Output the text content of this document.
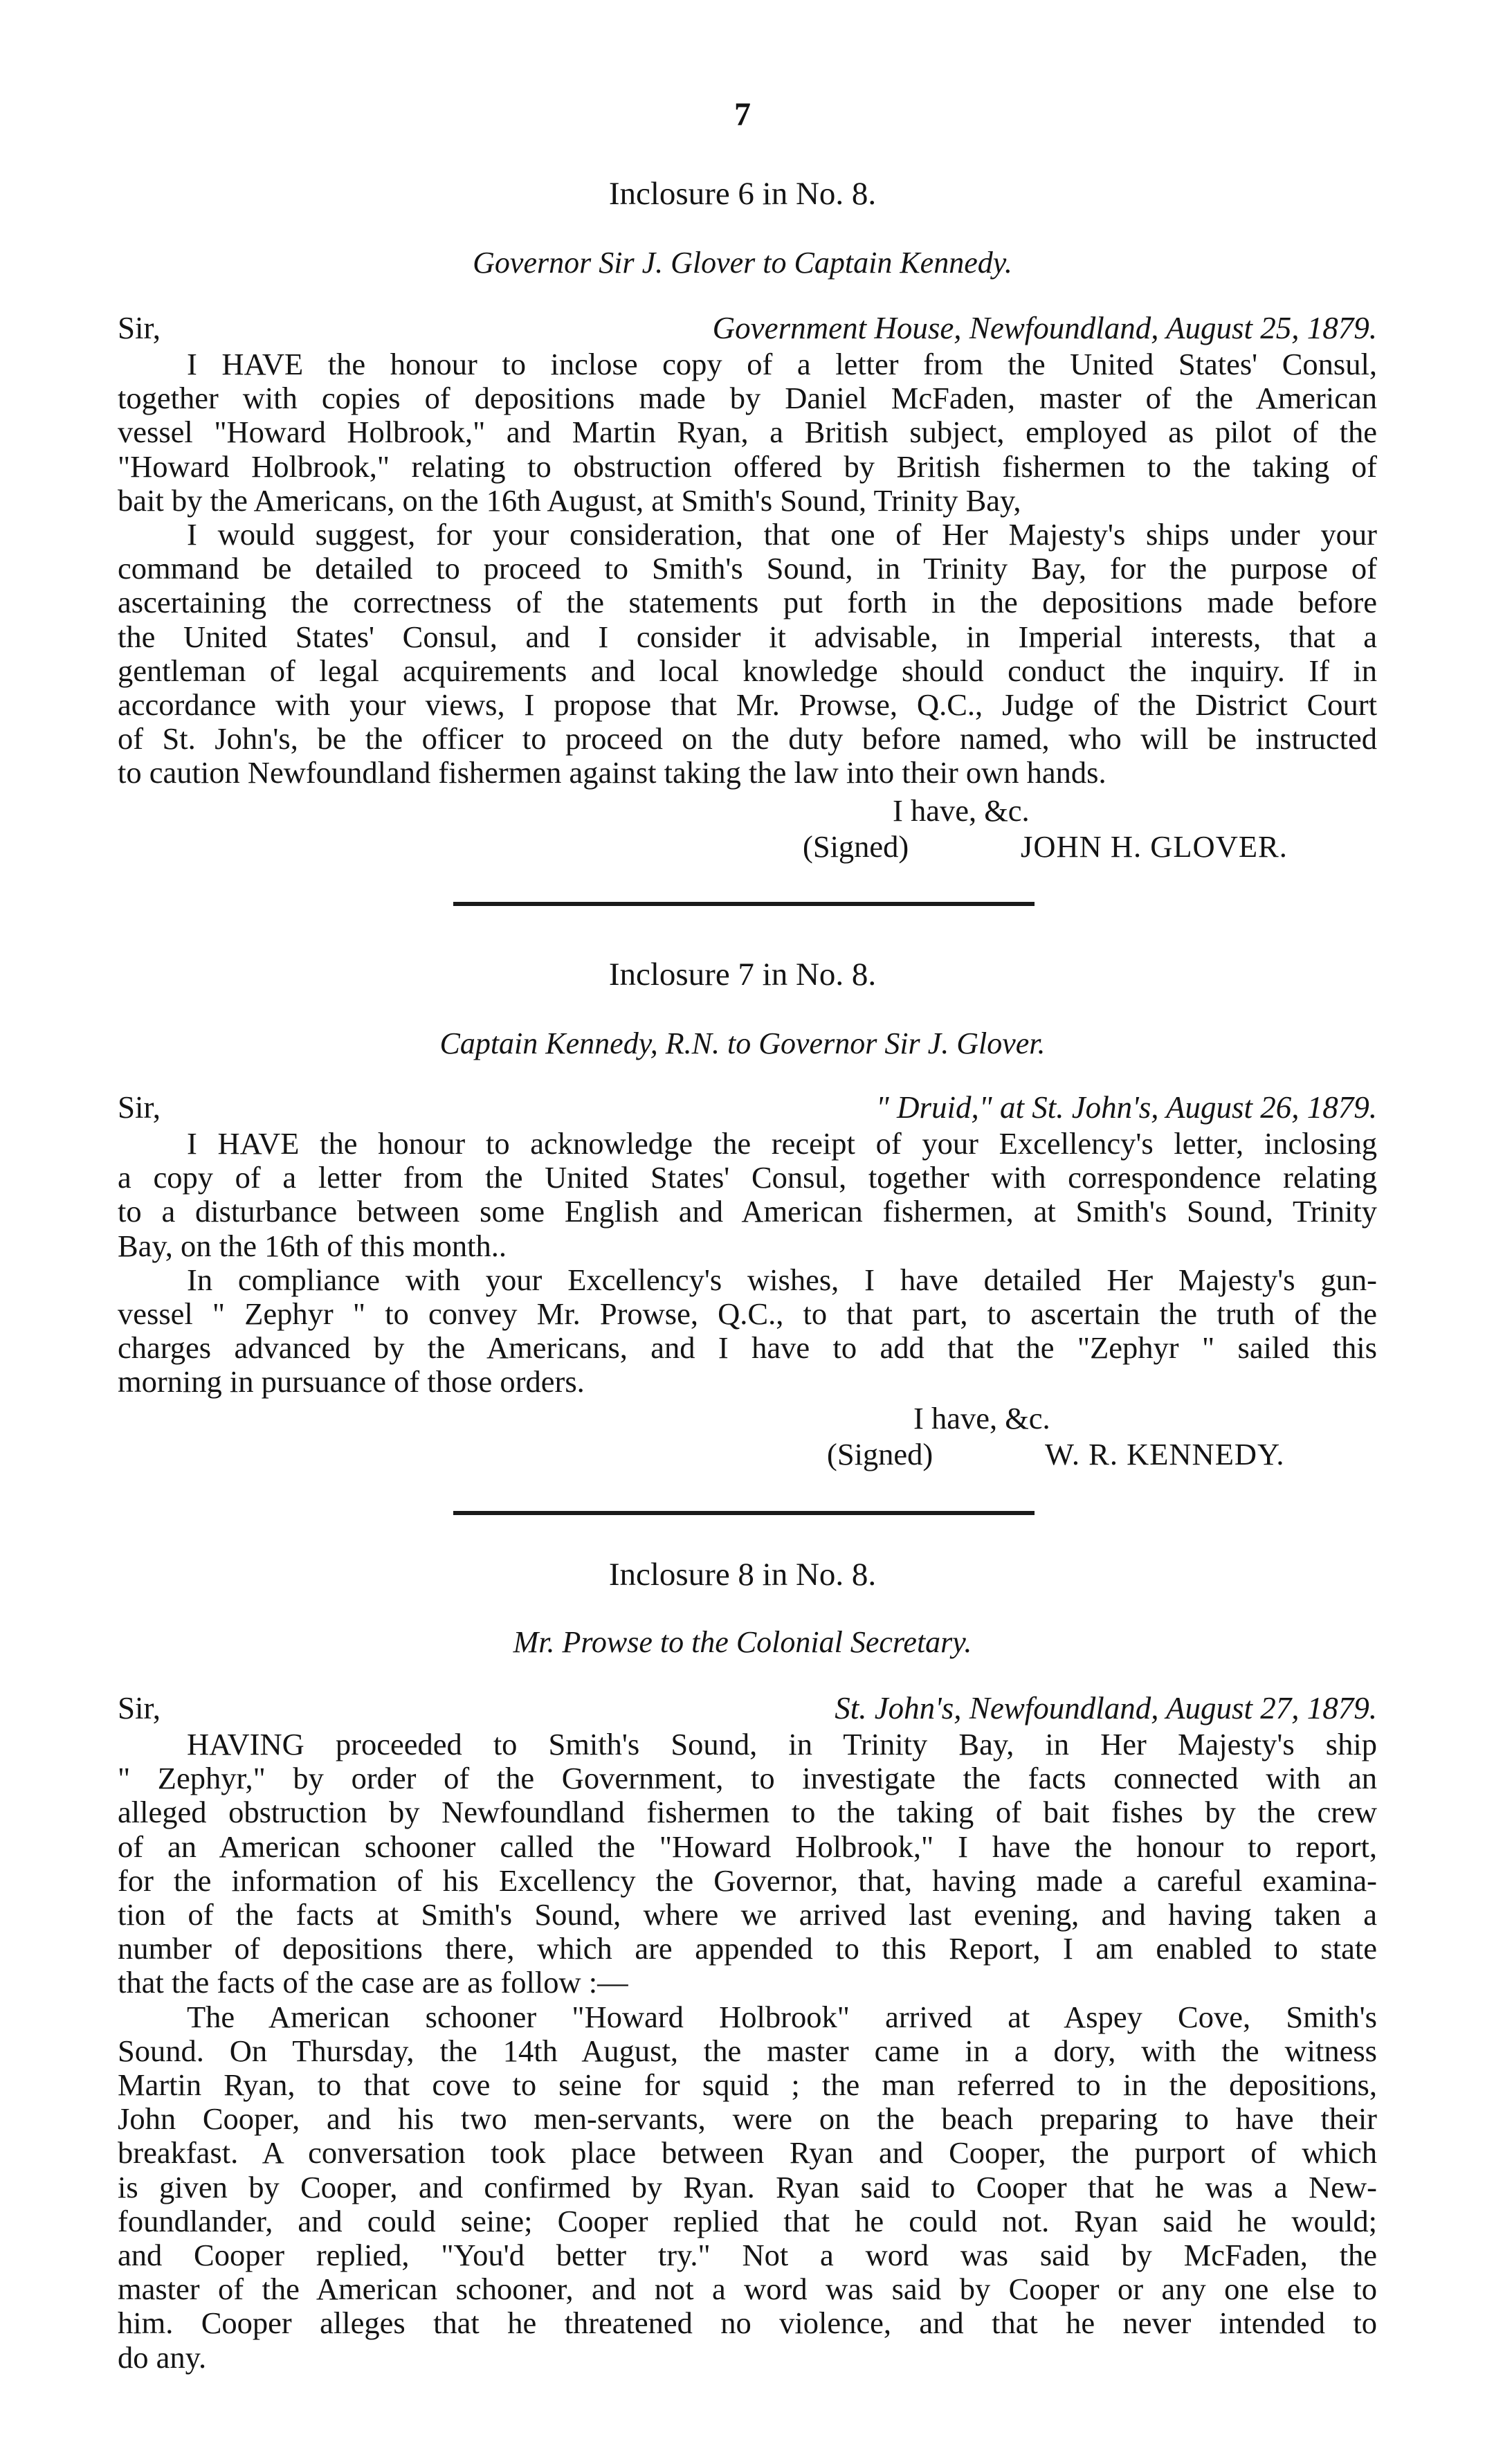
7
Inclosure 6 in No. 8.
Governor Sir J. Glover to Captain Kennedy.
Sir,	Government House, Newfoundland, August 25, 1879.
I HAVE the honour to inclose copy of a letter from the United States' Consul,
together with copies of depositions made by Daniel McFaden, master of the American
vessel "Howard Holbrook," and Martin Ryan, a British subject, employed as pilot of the
"Howard Holbrook," relating to obstruction offered by British fishermen to the taking of
bait by the Americans, on the 16th August, at Smith's Sound, Trinity Bay,
I would suggest, for your consideration, that one of Her Majesty's ships under your
command be detailed to proceed to Smith's Sound, in Trinity Bay, for the purpose of
ascertaining the correctness of the statements put forth in the depositions made before
the United States' Consul, and I consider it advisable, in Imperial interests, that a
gentleman of legal acquirements and local knowledge should conduct the inquiry. If in
accordance with your views, I propose that Mr. Prowse, Q.C., Judge of the District Court
of St. John's, be the officer to proceed on the duty before named, who will be instructed
to caution Newfoundland fishermen against taking the law into their own hands.
I have, &c.
(Signed)	JOHN H. GLOVER.
Inclosure 7 in No. 8.
Captain Kennedy, R.N. to Governor Sir J. Glover.
Sir,	" Druid," at St. John's, August 26, 1879.
I HAVE the honour to acknowledge the receipt of your Excellency's letter, inclosing
a copy of a letter from the United States' Consul, together with correspondence relating
to a disturbance between some English and American fishermen, at Smith's Sound, Trinity
Bay, on the 16th of this month..
In compliance with your Excellency's wishes, I have detailed Her Majesty's gun-
vessel " Zephyr " to convey Mr. Prowse, Q.C., to that part, to ascertain the truth of the
charges advanced by the Americans, and I have to add that the "Zephyr " sailed this
morning in pursuance of those orders.
I have, &c.
(Signed)	W. R. KENNEDY.
Inclosure 8 in No. 8.
Mr. Prowse to the Colonial Secretary.
Sir,	St. John's, Newfoundland, August 27, 1879.
HAVING proceeded to Smith's Sound, in Trinity Bay, in Her Majesty's ship
" Zephyr," by order of the Government, to investigate the facts connected with an
alleged obstruction by Newfoundland fishermen to the taking of bait fishes by the crew
of an American schooner called the "Howard Holbrook," I have the honour to report,
for the information of his Excellency the Governor, that, having made a careful examina-
tion of the facts at Smith's Sound, where we arrived last evening, and having taken a
number of depositions there, which are appended to this Report, I am enabled to state
that the facts of the case are as follow :—
The American schooner "Howard Holbrook" arrived at Aspey Cove, Smith's
Sound. On Thursday, the 14th August, the master came in a dory, with the witness
Martin Ryan, to that cove to seine for squid ; the man referred to in the depositions,
John Cooper, and his two men-servants, were on the beach preparing to have their
breakfast. A conversation took place between Ryan and Cooper, the purport of which
is given by Cooper, and confirmed by Ryan. Ryan said to Cooper that he was a New-
foundlander, and could seine; Cooper replied that he could not. Ryan said he would;
and Cooper replied, "You'd better try." Not a word was said by McFaden, the
master of the American schooner, and not a word was said by Cooper or any one else to
him. Cooper alleges that he threatened no violence, and that he never intended to
do any.
